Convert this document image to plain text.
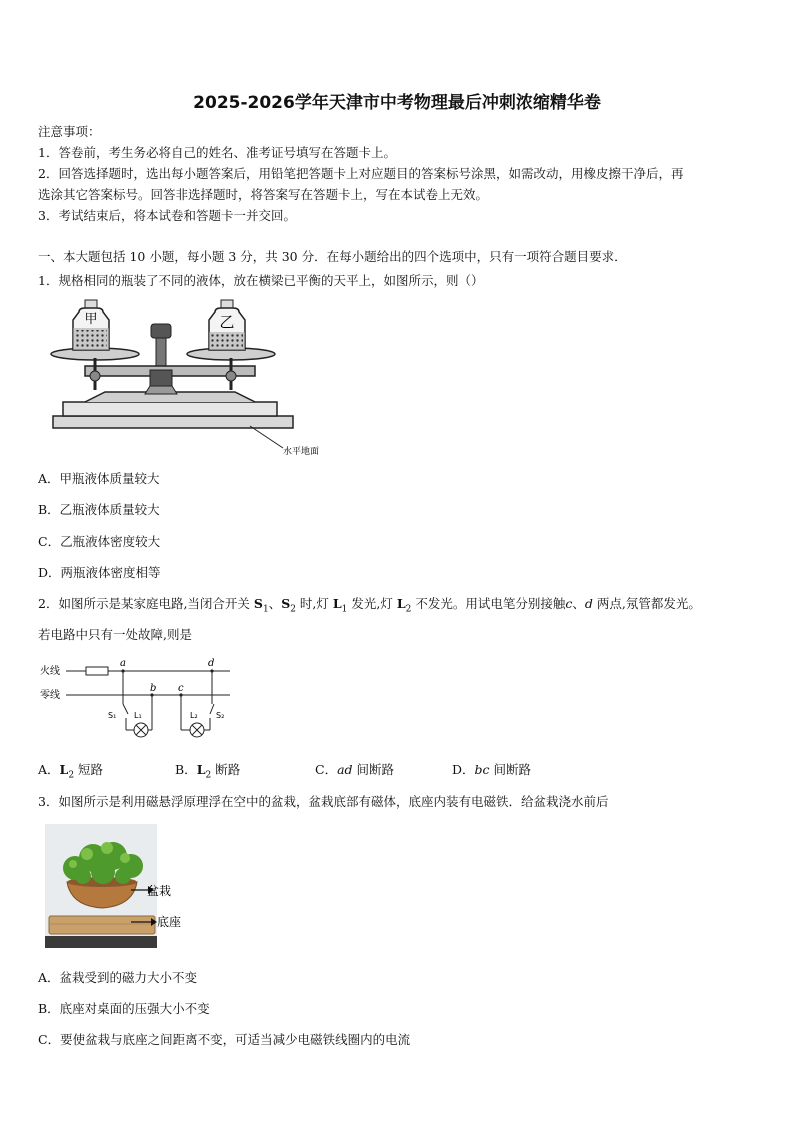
2025-2026学年天津市中考物理最后冲刺浓缩精华卷
注意事项：
1．答卷前，考生务必将自己的姓名、准考证号填写在答题卡上。
2．回答选择题时，选出每小题答案后，用铅笔把答题卡上对应题目的答案标号涂黑，如需改动，用橡皮擦干净后，再
选涂其它答案标号。回答非选择题时，将答案写在答题卡上，写在本试卷上无效。
3．考试结束后，将本试卷和答题卡一并交回。
一、本大题包括 10 小题，每小题 3 分，共 30 分．在每小题给出的四个选项中，只有一项符合题目要求．
1．规格相同的瓶装了不同的液体，放在横梁已平衡的天平上，如图所示，则（）
甲	乙
水平地面
A．甲瓶液体质量较大
B．乙瓶液体质量较大
C．乙瓶液体密度较大
D．两瓶液体密度相等
2．如图所示是某家庭电路,当闭合开关 $S_1$、$S_2$ 时,灯 $L_1$ 发光,灯 $L_2$ 不发光。用试电笔分别接触c、d 两点,氖管都发光。
若电路中只有一处故障,则是
火线
零线
a
b c
d
S₁ L₁	L₂ S₂
A．$L_2$ 短路	B．$L_2$ 断路	C．ad 间断路	D．bc 间断路
3．如图所示是利用磁悬浮原理浮在空中的盆栽，盆栽底部有磁体，底座内装有电磁铁．给盆栽浇水前后
盆栽
底座
A．盆栽受到的磁力大小不变
B．底座对桌面的压强大小不变
C．要使盆栽与底座之间距离不变，可适当减少电磁铁线圈内的电流
